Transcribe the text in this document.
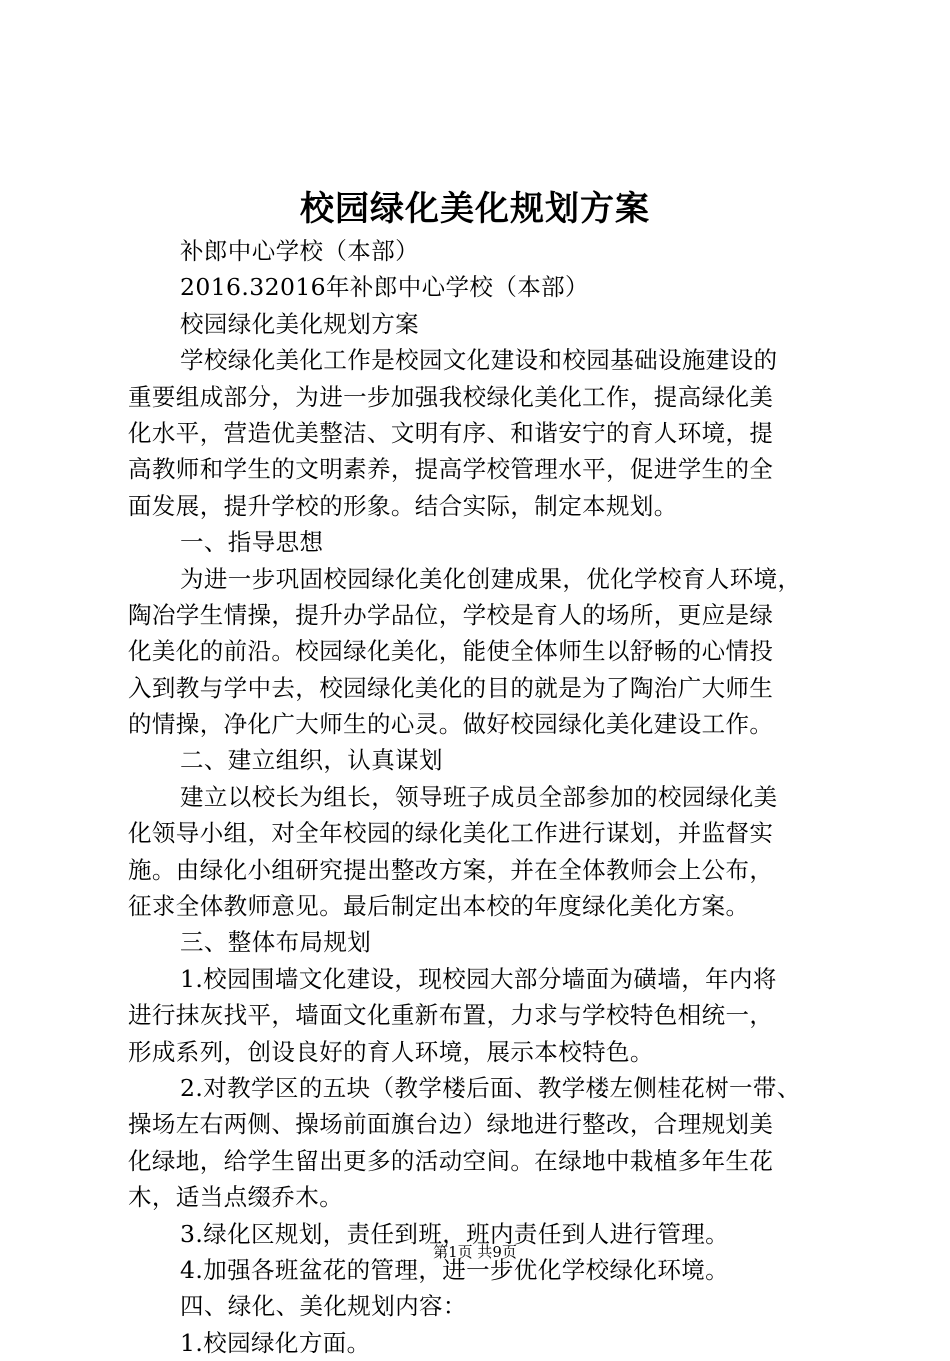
校园绿化美化规划方案
补郎中心学校（本部）
2016.32016年补郎中心学校（本部）
校园绿化美化规划方案
学校绿化美化工作是校园文化建设和校园基础设施建设的
重要组成部分，为进一步加强我校绿化美化工作，提高绿化美
化水平，营造优美整洁、文明有序、和谐安宁的育人环境，提
高教师和学生的文明素养，提高学校管理水平，促进学生的全
面发展，提升学校的形象。结合实际，制定本规划。
一、指导思想
为进一步巩固校园绿化美化创建成果，优化学校育人环境，
陶冶学生情操，提升办学品位，学校是育人的场所，更应是绿
化美化的前沿。校园绿化美化，能使全体师生以舒畅的心情投
入到教与学中去，校园绿化美化的目的就是为了陶治广大师生
的情操，净化广大师生的心灵。做好校园绿化美化建设工作。
二、建立组织，认真谋划
建立以校长为组长，领导班子成员全部参加的校园绿化美
化领导小组，对全年校园的绿化美化工作进行谋划，并监督实
施。由绿化小组研究提出整改方案，并在全体教师会上公布，
征求全体教师意见。最后制定出本校的年度绿化美化方案。
三、整体布局规划
1.校园围墙文化建设，现校园大部分墙面为磺墙，年内将
进行抹灰找平，墙面文化重新布置，力求与学校特色相统一，
形成系列，创设良好的育人环境，展示本校特色。
2.对教学区的五块（教学楼后面、教学楼左侧桂花树一带、
操场左右两侧、操场前面旗台边）绿地进行整改，合理规划美
化绿地，给学生留出更多的活动空间。在绿地中栽植多年生花
木，适当点缀乔木。
3.绿化区规划，责任到班，班内责任到人进行管理。
4.加强各班盆花的管理，进一步优化学校绿化环境。
四、绿化、美化规划内容：
1.校园绿化方面。
第1页 共9页
